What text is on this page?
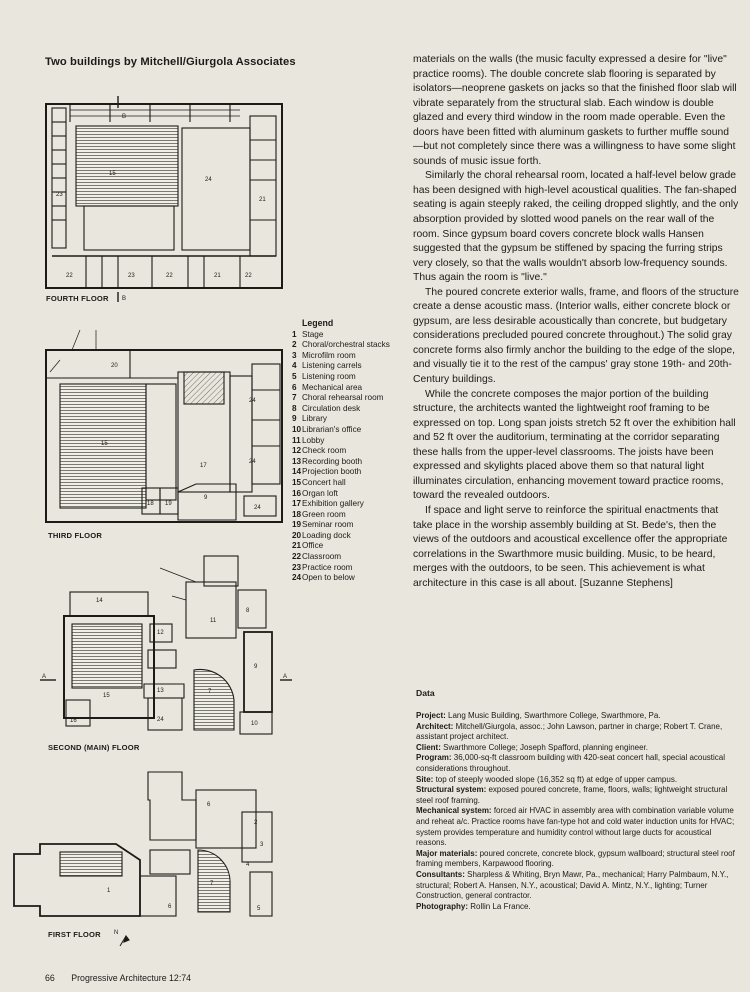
Two buildings by Mitchell/Giurgola Associates
15
24
23
21
22	23	22	21	22
20
15
17
24
24
9
18 19
24
14
12
11
8
15
9
13	7
16	24
10
1
6
2
3
4
5
6
7
B
B
A	A
N
FOURTH FLOOR
THIRD FLOOR
SECOND (MAIN) FLOOR
FIRST FLOOR
Legend
1 Stage
2 Choral/orchestral stacks
3 Microfilm room
4 Listening carrels
5 Listening room
6 Mechanical area
7 Choral rehearsal room
8 Circulation desk
9 Library
10 Librarian's office
11 Lobby
12 Check room
13 Recording booth
14 Projection booth
15 Concert hall
16 Organ loft
17 Exhibition gallery
18 Green room
19 Seminar room
20 Loading dock
21 Office
22 Classroom
23 Practice room
24 Open to below

materials on the walls (the music faculty expressed a desire for "live" practice rooms). The double concrete slab flooring is separated by isolators—neoprene gaskets on jacks so that the finished floor slab will vibrate separately from the structural slab. Each window is double glazed and every third window in the room made operable. Even the doors have been fitted with aluminum gaskets to further muffle sound—but not completely since there was a willingness to have some slight sounds of music issue forth.

Similarly the choral rehearsal room, located a half-level below grade has been designed with high-level acoustical qualities. The fan-shaped seating is again steeply raked, the ceiling dropped slightly, and the only absorption provided by slotted wood panels on the rear wall of the room. Since gypsum board covers concrete block walls Hansen suggested that the gypsum be stiffened by spacing the furring strips very closely, so that the walls wouldn't absorb low-frequency sounds. Thus again the room is "live."

The poured concrete exterior walls, frame, and floors of the structure create a dense acoustic mass. (Interior walls, either concrete block or gypsum, are less desirable acoustically than concrete, but budgetary considerations precluded poured concrete throughout.) The solid gray concrete forms also firmly anchor the building to the edge of the slope, and visually tie it to the rest of the campus' gray stone 19th- and 20th-Century buildings.

While the concrete composes the major portion of the building structure, the architects wanted the lightweight roof framing to be expressed on top. Long span joists stretch 52 ft over the exhibition hall and 52 ft over the auditorium, terminating at the corridor separating these halls from the upper-level classrooms. The joists have been expressed and skylights placed above them so that natural light illuminates circulation, enhancing movement toward practice rooms, toward the revealed outdoors.

If space and light serve to reinforce the spiritual enactments that take place in the worship assembly building at St. Bede's, then the views of the outdoors and acoustical excellence offer the appropriate correlations in the Swarthmore music building. Music, to be heard, merges with the outdoors, to be seen. This achievement is what architecture in this case is all about. [Suzanne Stephens]

Data

Project: Lang Music Building, Swarthmore College, Swarthmore, Pa.

Architect: Mitchell/Giurgola, assoc.; John Lawson, partner in charge; Robert T. Crane, assistant project architect.

Client: Swarthmore College; Joseph Spafford, planning engineer.

Program: 36,000-sq-ft classroom building with 420-seat concert hall, special acoustical considerations throughout.

Site: top of steeply wooded slope (16,352 sq ft) at edge of upper campus.

Structural system: exposed poured concrete, frame, floors, walls; lightweight structural steel roof framing.

Mechanical system: forced air HVAC in assembly area with combination variable volume and reheat a/c. Practice rooms have fan-type hot and cold water induction units for HVAC; system provides temperature and humidity control without large ducts for acoustical reasons.

Major materials: poured concrete, concrete block, gypsum wallboard; structural steel roof framing members, Karpawood flooring.

Consultants: Sharpless & Whiting, Bryn Mawr, Pa., mechanical; Harry Palmbaum, N.Y., structural; Robert A. Hansen, N.Y., acoustical; David A. Mintz, N.Y., lighting; Turner Construction, general contractor.

Photography: Rollin La France.

66 Progressive Architecture 12:74
